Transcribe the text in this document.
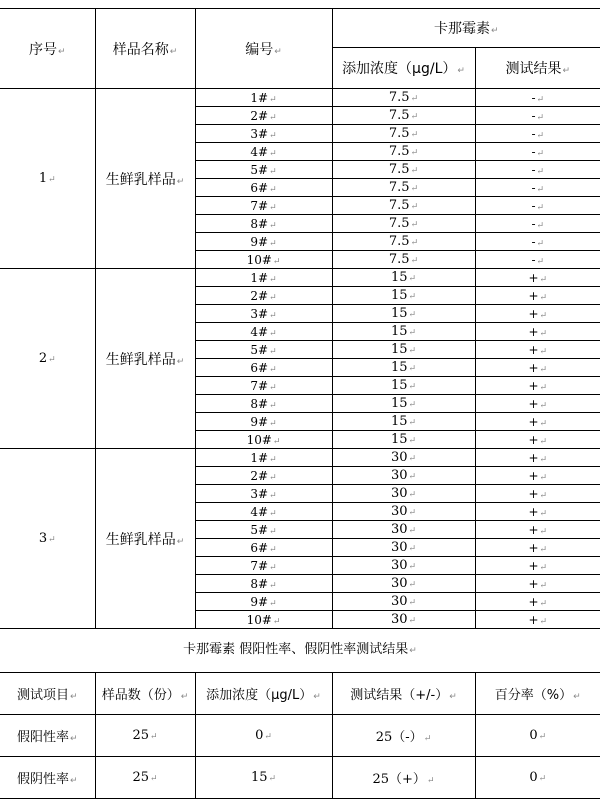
序号↵	样品名称↵	编号↵	卡那霉素↵	
			添加浓度（μg/L）↵	测试结果↵
1↵	生鲜乳样品↵	1#↵	7.5↵	-↵
		2#↵	7.5↵	-↵
		3#↵	7.5↵	-↵
		4#↵	7.5↵	-↵
		5#↵	7.5↵	-↵
		6#↵	7.5↵	-↵
		7#↵	7.5↵	-↵
		8#↵	7.5↵	-↵
		9#↵	7.5↵	-↵
		10#↵	7.5↵	-↵
2↵	生鲜乳样品↵	1#↵	15↵	+↵
		2#↵	15↵	+↵
		3#↵	15↵	+↵
		4#↵	15↵	+↵
		5#↵	15↵	+↵
		6#↵	15↵	+↵
		7#↵	15↵	+↵
		8#↵	15↵	+↵
		9#↵	15↵	+↵
		10#↵	15↵	+↵
3↵	生鲜乳样品↵	1#↵	30↵	+↵
		2#↵	30↵	+↵
		3#↵	30↵	+↵
		4#↵	30↵	+↵
		5#↵	30↵	+↵
		6#↵	30↵	+↵
		7#↵	30↵	+↵
		8#↵	30↵	+↵
		9#↵	30↵	+↵
		10#↵	30↵	+↵
卡那霉素 假阳性率、假阴性率测试结果↵
测试项目↵	样品数（份）↵	添加浓度（μg/L）↵	测试结果（+/-）↵	百分率（%）↵
假阳性率↵	25↵	0↵	25（-）↵	0↵
假阴性率↵	25↵	15↵	25（+）↵	0↵
